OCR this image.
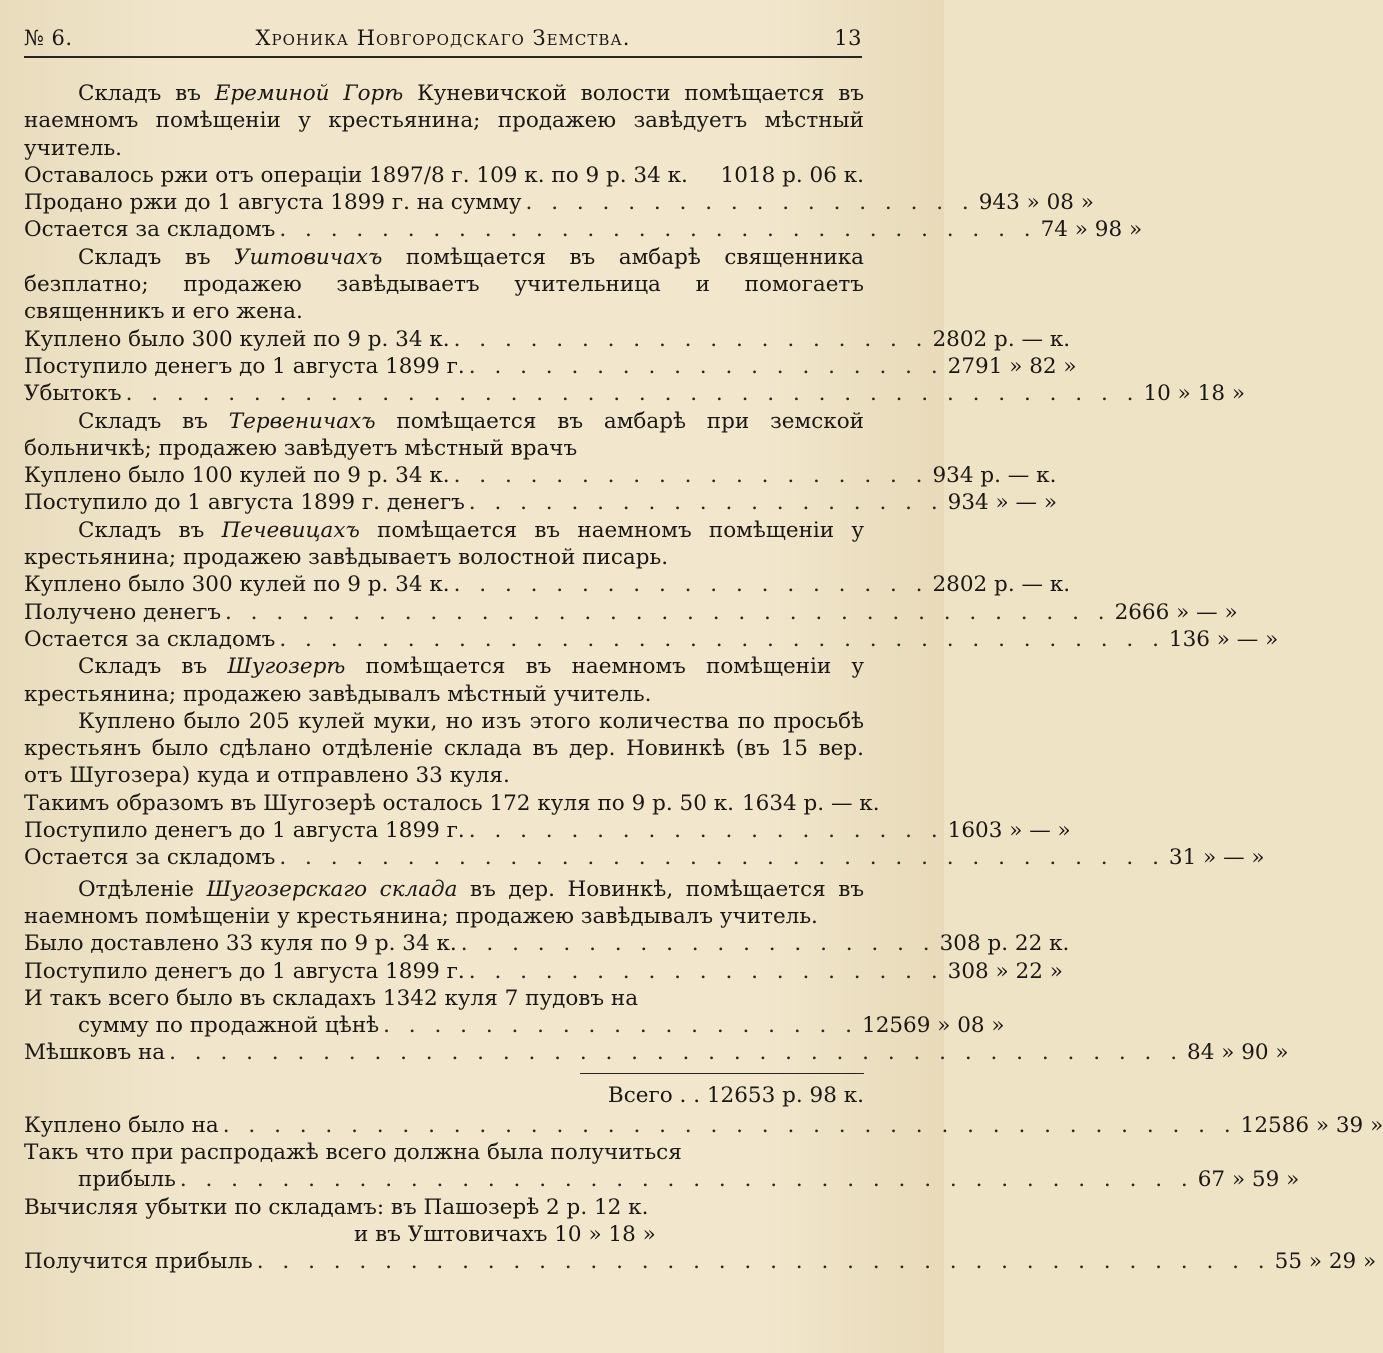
№ 6.	Хроника Новгородскаго Земства.	13

Складъ въ Ереминой Горѣ Куневичской волости помѣщается въ наемномъ помѣщеніи у крестьянина; продажею завѣдуетъ мѣстный учитель.

Оставалось ржи отъ операціи 1897/8 г. 109 к. по 9 р. 34 к. 1018 р. 06 к.
Продано ржи до 1 августа 1899 г. на сумму . . . . . . . . . . . . . . . . . . 943 » 08 »
Остается за складомъ . . . . . . . . . . . . . . . . . . . . . . . . . . . . . . 74 » 98 »

Складъ въ Уштовичахъ помѣщается въ амбарѣ священника безплатно; продажею завѣдываетъ учительница и помогаетъ священникъ и его жена.

Куплено было 300 кулей по 9 р. 34 к. . . . . . . . . . . . . . . . . . . . 2802 р. — к.
Поступило денегъ до 1 августа 1899 г. . . . . . . . . . . . . . . . . . . . 2791 » 82 »
Убытокъ . . . . . . . . . . . . . . . . . . . . . . . . . . . . . . . . . . . . . . . . 10 » 18 »

Складъ въ Тервеничахъ помѣщается въ амбарѣ при земской больничкѣ; продажею завѣдуетъ мѣстный врачъ

Куплено было 100 кулей по 9 р. 34 к. . . . . . . . . . . . . . . . . . . . 934 р. — к.
Поступило до 1 августа 1899 г. денегъ . . . . . . . . . . . . . . . . . . . 934 » — »

Складъ въ Печевицахъ помѣщается въ наемномъ помѣщеніи у крестьянина; продажею завѣдываетъ волостной писарь.

Куплено было 300 кулей по 9 р. 34 к. . . . . . . . . . . . . . . . . . . . 2802 р. — к.
Получено денегъ . . . . . . . . . . . . . . . . . . . . . . . . . . . . . . . . . . . 2666 » — »
Остается за складомъ . . . . . . . . . . . . . . . . . . . . . . . . . . . . . . . . . . . 136 » — »

Складъ въ Шугозерѣ помѣщается въ наемномъ помѣщеніи у крестьянина; продажею завѣдывалъ мѣстный учитель.

Куплено было 205 кулей муки, но изъ этого количества по просьбѣ крестьянъ было сдѣлано отдѣленіе склада въ дер. Новинкѣ (въ 15 вер. отъ Шугозера) куда и отправлено 33 куля.

Такимъ образомъ въ Шугозерѣ осталось 172 куля по 9 р. 50 к. 1634 р. — к.
Поступило денегъ до 1 августа 1899 г. . . . . . . . . . . . . . . . . . . . 1603 » — »
Остается за складомъ . . . . . . . . . . . . . . . . . . . . . . . . . . . . . . . . . . . 31 » — »

Отдѣленіе Шугозерскаго склада въ дер. Новинкѣ, помѣщается въ наемномъ помѣщеніи у крестьянина; продажею завѣдывалъ учитель.

Было доставлено 33 куля по 9 р. 34 к. . . . . . . . . . . . . . . . . . . . 308 р. 22 к.
Поступило денегъ до 1 августа 1899 г. . . . . . . . . . . . . . . . . . . . 308 » 22 »
И такъ всего было въ складахъ 1342 куля 7 пудовъ на
сумму по продажной цѣнѣ . . . . . . . . . . . . . . . . . . . 12569 » 08 »
Мѣшковъ на . . . . . . . . . . . . . . . . . . . . . . . . . . . . . . . . . . . . . . . . 84 » 90 »
Всего . . 12653 р. 98 к.
Куплено было на . . . . . . . . . . . . . . . . . . . . . . . . . . . . . . . . . . . . . . . . 12586 » 39 »
Такъ что при распродажѣ всего должна была получиться
прибыль . . . . . . . . . . . . . . . . . . . . . . . . . . . . . . . . . . . . . . . . 67 » 59 »
Вычисляя убытки по складамъ: въ Пашозерѣ 2 р. 12 к.
и въ Уштовичахъ 10 » 18 »
Получится прибыль . . . . . . . . . . . . . . . . . . . . . . . . . . . . . . . . . . . . . . . . 55 » 29 »
